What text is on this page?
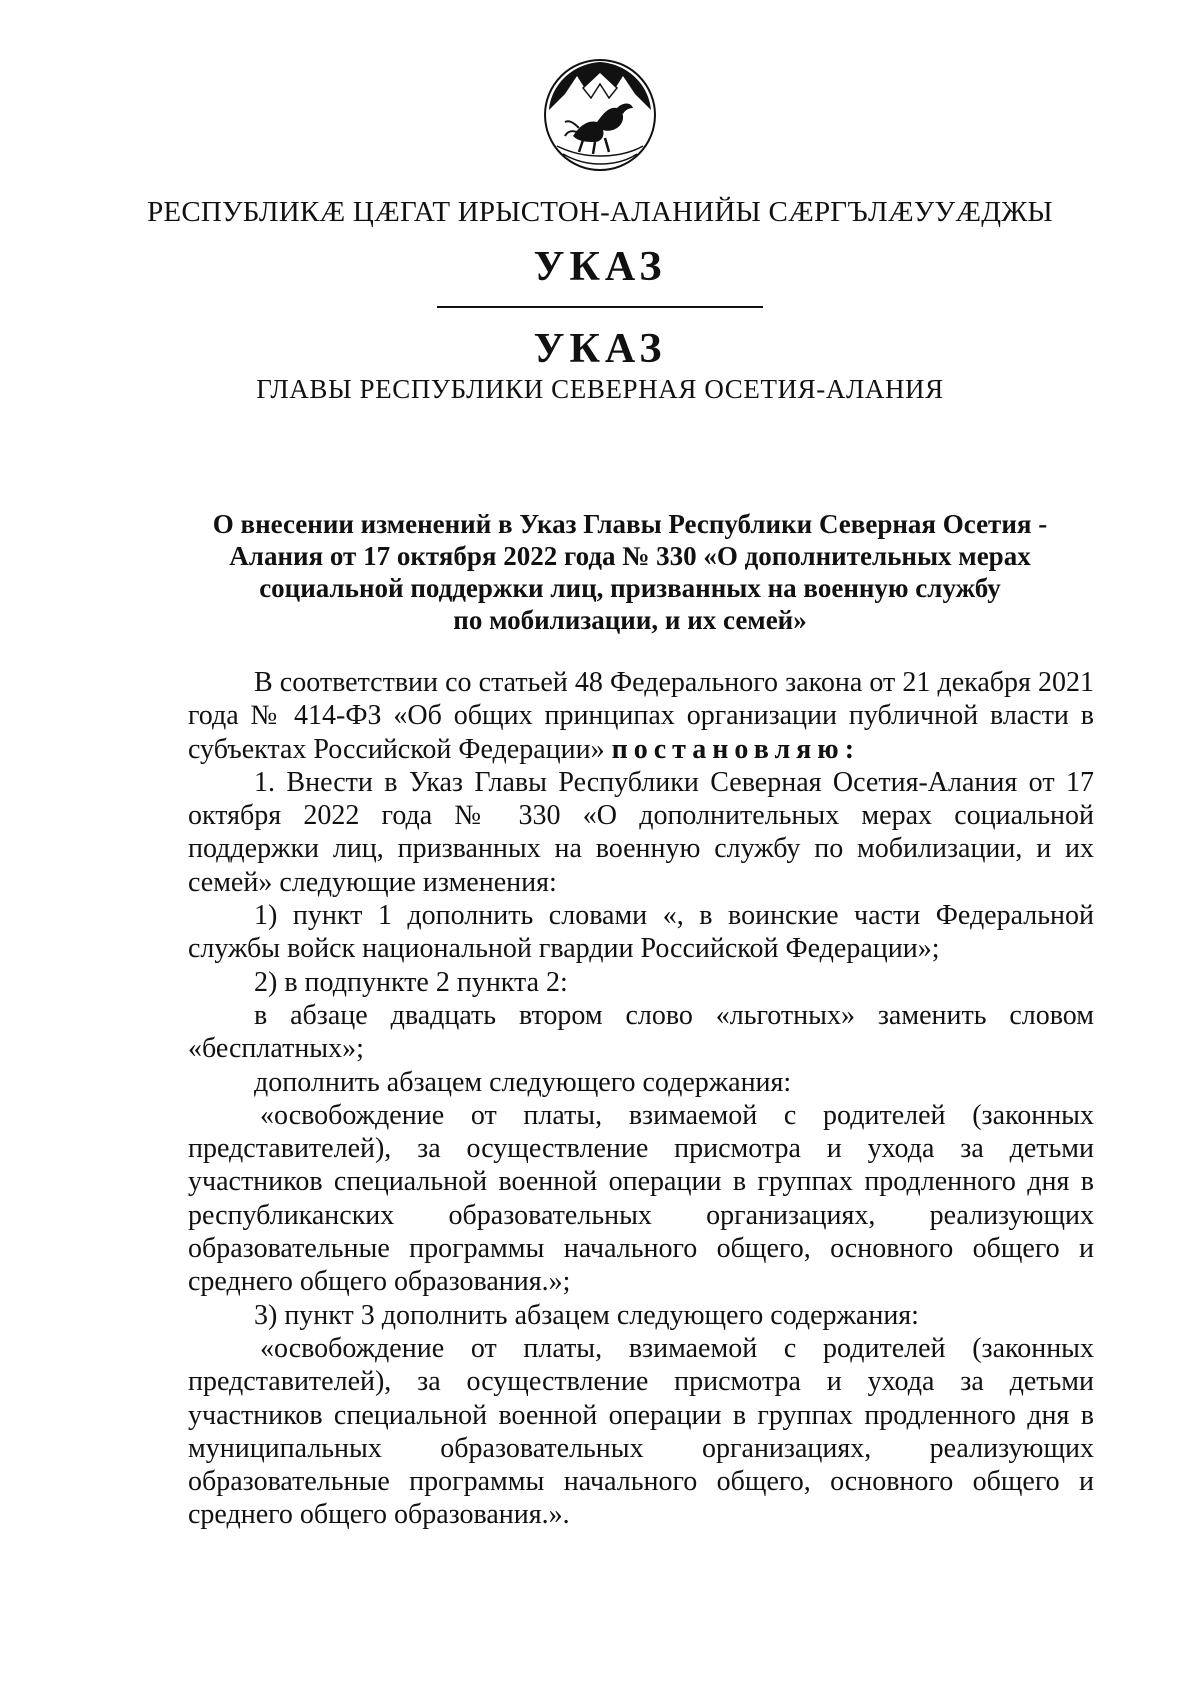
РЕСПУБЛИКÆ ЦÆГАТ ИРЫСТОН-АЛАНИЙЫ СÆРГЪЛÆУУÆДЖЫ
УКАЗ
УКАЗ
ГЛАВЫ РЕСПУБЛИКИ СЕВЕРНАЯ ОСЕТИЯ-АЛАНИЯ
О внесении изменений в Указ Главы Республики Северная Осетия -
Алания от 17 октября 2022 года № 330 «О дополнительных мерах
социальной поддержки лиц, призванных на военную службу
по мобилизации, и их семей»

В соответствии со статьей 48 Федерального закона от 21 декабря 2021 года № 414-ФЗ «Об общих принципах организации публичной власти в субъектах Российской Федерации» постановляю:

1. Внести в Указ Главы Республики Северная Осетия-Алания от 17 октября 2022 года № 330 «О дополнительных мерах социальной поддержки лиц, призванных на военную службу по мобилизации, и их семей» следующие изменения:

1) пункт 1 дополнить словами «, в воинские части Федеральной службы войск национальной гвардии Российской Федерации»;

2) в подпункте 2 пункта 2:

в абзаце двадцать втором слово «льготных» заменить словом «бесплатных»;

дополнить абзацем следующего содержания:

«освобождение от платы, взимаемой с родителей (законных представителей), за осуществление присмотра и ухода за детьми участников специальной военной операции в группах продленного дня в республиканских образовательных организациях, реализующих образовательные программы начального общего, основного общего и среднего общего образования.»;

3) пункт 3 дополнить абзацем следующего содержания:

«освобождение от платы, взимаемой с родителей (законных представителей), за осуществление присмотра и ухода за детьми участников специальной военной операции в группах продленного дня в муниципальных образовательных организациях, реализующих образовательные программы начального общего, основного общего и среднего общего образования.».
